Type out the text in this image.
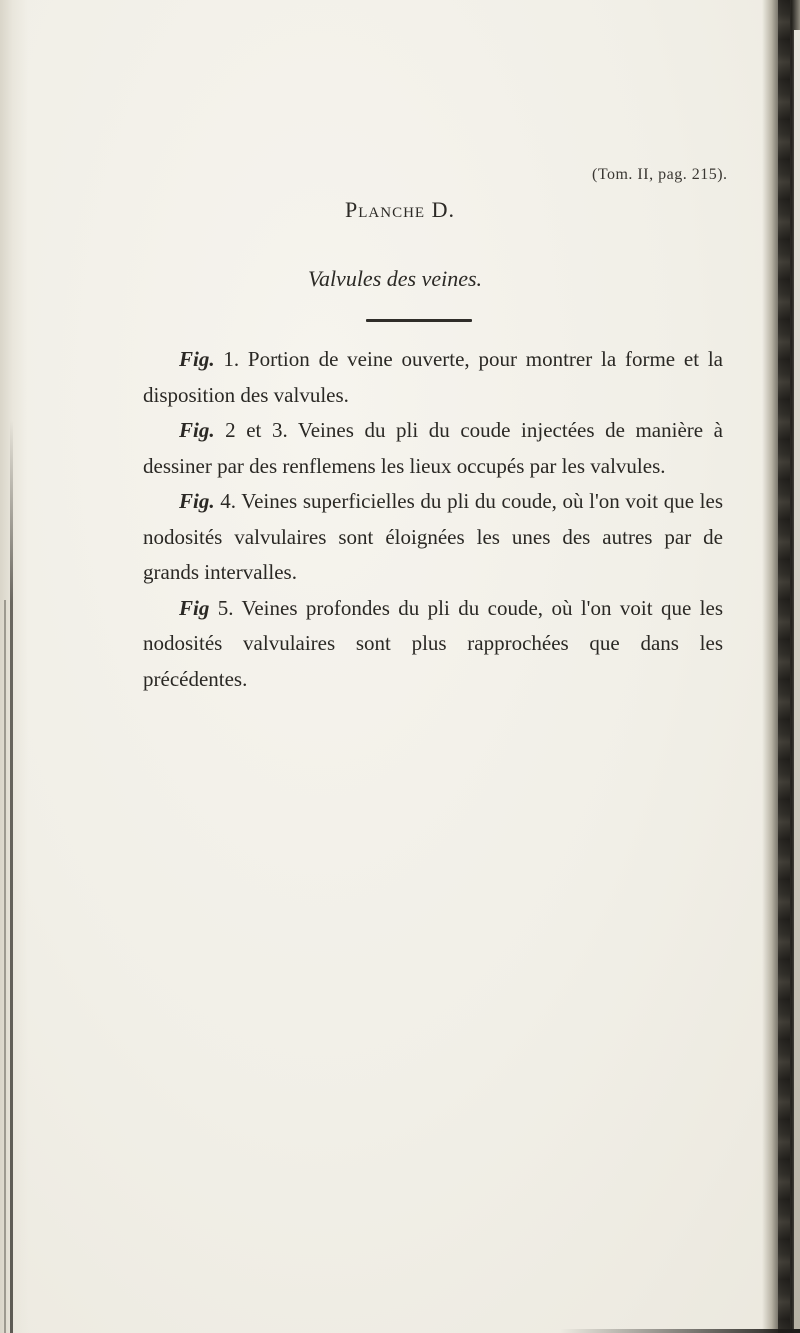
(Tom. II, pag. 215).
Planche D.
Valvules des veines.

Fig. 1. Portion de veine ouverte, pour montrer la forme et la disposition des valvules.

Fig. 2 et 3. Veines du pli du coude injectées de manière à dessiner par des renflemens les lieux occupés par les valvules.

Fig. 4. Veines superficielles du pli du coude, où l'on voit que les nodosités valvulaires sont éloignées les unes des autres par de grands intervalles.

Fig 5. Veines profondes du pli du coude, où l'on voit que les nodosités valvulaires sont plus rapprochées que dans les précédentes.
